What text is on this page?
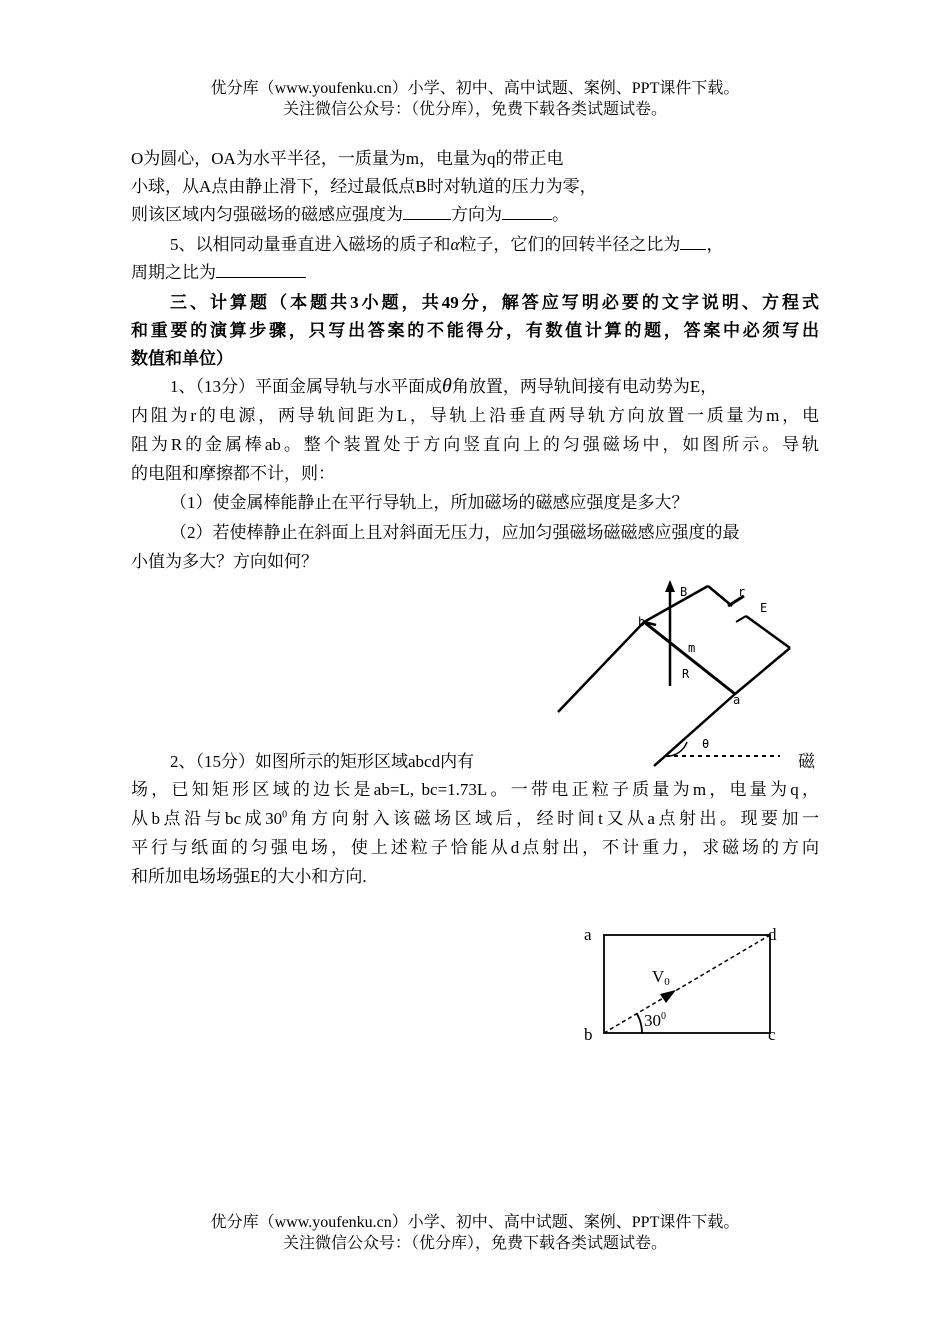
优分库（www.youfenku.cn）小学、初中、高中试题、案例、PPT课件下载。
关注微信公众号：（优分库），免费下载各类试题试卷。
O为圆心，OA为水平半径，一质量为m，电量为q的带正电
小球，从A点由静止滑下，经过最低点B时对轨道的压力为零，
则该区域内匀强磁场的磁感应强度为	方向为	。
5、以相同动量垂直进入磁场的质子和α粒子，它们的回转半径之比为 ，
周期之比为
三、计算题（本题共3小题，共49分，解答应写明必要的文字说明、方程式
和重要的演算步骤，只写出答案的不能得分，有数值计算的题，答案中必须写出
数值和单位）
1、（13分）平面金属导轨与水平面成θ角放置，两导轨间接有电动势为E，
内阻为r的电源，两导轨间距为L，导轨上沿垂直两导轨方向放置一质量为m，电
阻为R的金属棒ab。整个装置处于方向竖直向上的匀强磁场中，如图所示。导轨
的电阻和摩擦都不计，则：
（1）使金属棒能静止在平行导轨上，所加磁场的磁感应强度是多大？
（2）若使棒静止在斜面上且对斜面无压力，应加匀强磁场磁磁感应强度的最
小值为多大？方向如何？
B	r
E
b
m
R
a
θ
2、（15分）如图所示的矩形区域abcd内有	磁
场，已知矩形区域的边长是ab=L, bc=1.73L。一带电正粒子质量为m，电量为q，
从b点沿与bc成$30^0$角方向射入该磁场区域后，经时间t又从a点射出。现要加一
平行与纸面的匀强电场，使上述粒子恰能从d点射出，不计重力，求磁场的方向
和所加电场场强E的大小和方向.
a	d
b	c
V0
$30^0$
优分库（www.youfenku.cn）小学、初中、高中试题、案例、PPT课件下载。
关注微信公众号：（优分库），免费下载各类试题试卷。
